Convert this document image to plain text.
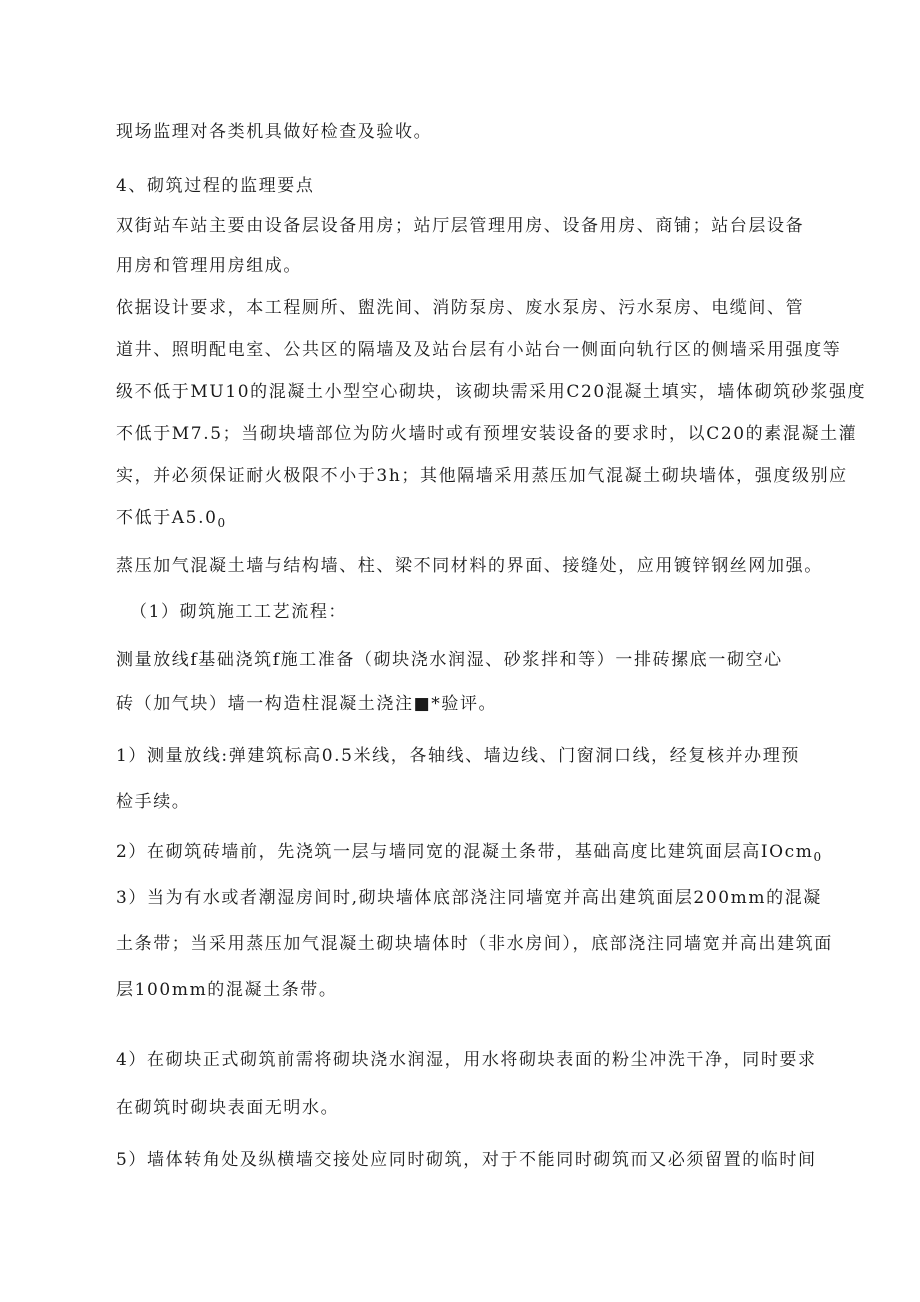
现场监理对各类机具做好检查及验收。
4、砌筑过程的监理要点
双街站车站主要由设备层设备用房；站厅层管理用房、设备用房、商铺；站台层设备
用房和管理用房组成。
依据设计要求，本工程厕所、盥洗间、消防泵房、废水泵房、污水泵房、电缆间、管
道井、照明配电室、公共区的隔墙及及站台层有小站台一侧面向轨行区的侧墙采用强度等
级不低于MU10的混凝土小型空心砌块，该砌块需采用C20混凝土填实，墙体砌筑砂浆强度
不低于M7.5；当砌块墙部位为防火墙时或有预埋安装设备的要求时，以C20的素混凝土灌
实，并必须保证耐火极限不小于3h；其他隔墙采用蒸压加气混凝土砌块墙体，强度级别应
不低于$A5.0_0$
蒸压加气混凝土墙与结构墙、柱、梁不同材料的界面、接缝处，应用镀锌钢丝网加强。
（1）砌筑施工工艺流程：
测量放线f基础浇筑f施工准备（砌块浇水润湿、砂浆拌和等）一排砖摞底一砌空心
砖（加气块）墙一构造柱混凝土浇注■*验评。
1）测量放线:弹建筑标高0.5米线，各轴线、墙边线、门窗洞口线，经复核并办理预
检手续。
2）在砌筑砖墙前，先浇筑一层与墙同宽的混凝土条带，基础高度比建筑面层高IOcm$_0$
3）当为有水或者潮湿房间时,砌块墙体底部浇注同墙宽并高出建筑面层200mm的混凝
土条带；当采用蒸压加气混凝土砌块墙体时（非水房间），底部浇注同墙宽并高出建筑面
层100mm的混凝土条带。
4）在砌块正式砌筑前需将砌块浇水润湿，用水将砌块表面的粉尘冲洗干净，同时要求
在砌筑时砌块表面无明水。
5）墙体转角处及纵横墙交接处应同时砌筑，对于不能同时砌筑而又必须留置的临时间
